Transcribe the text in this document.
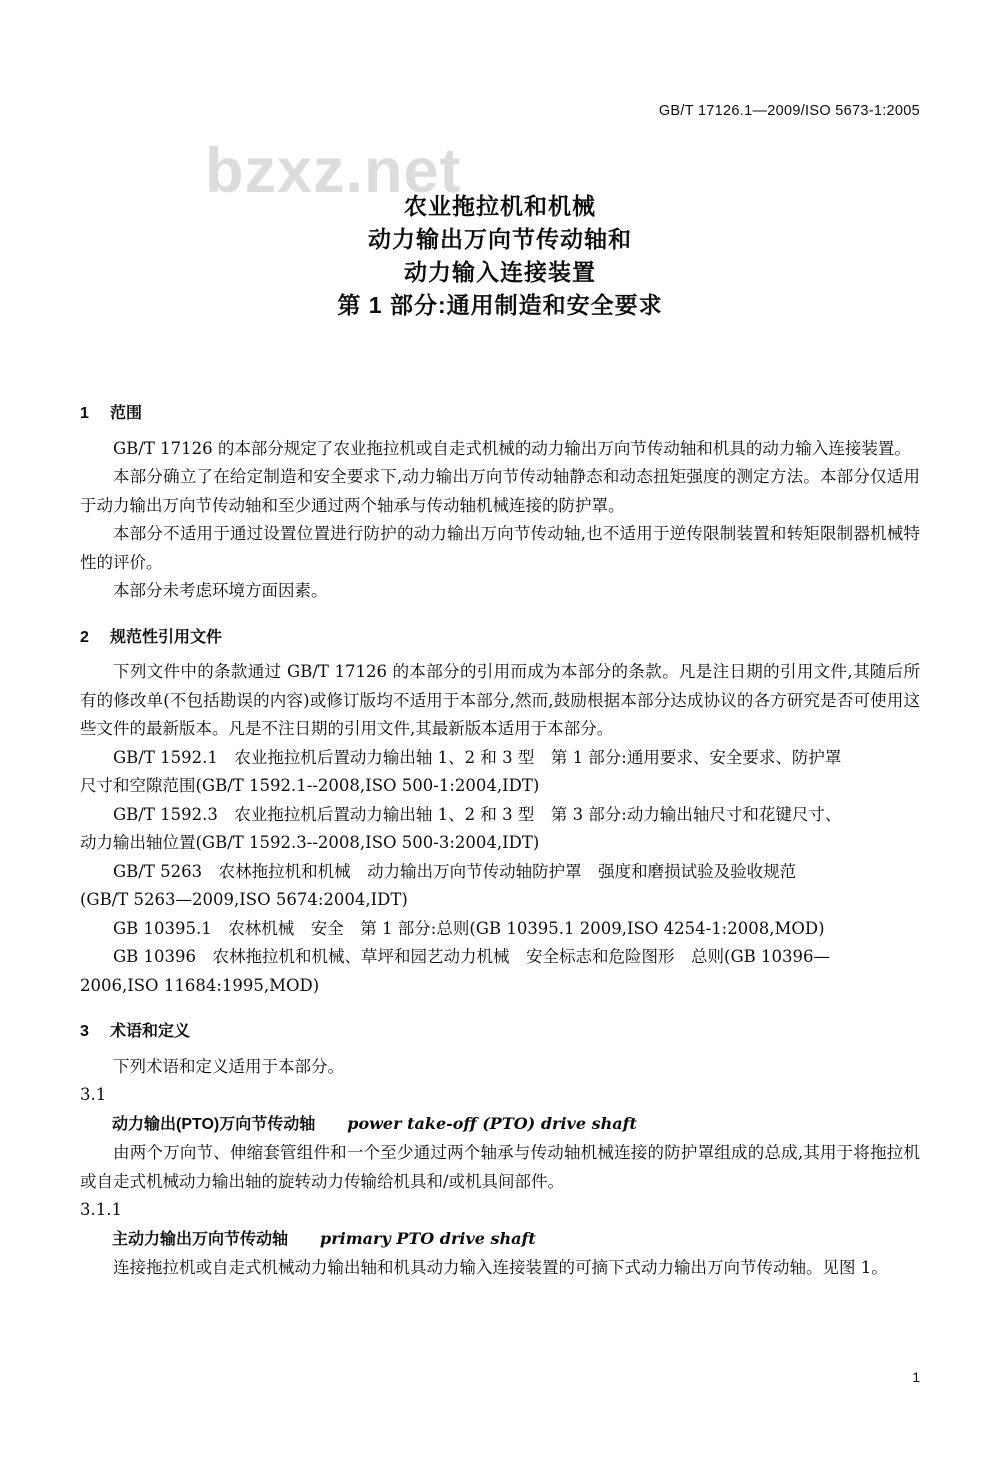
GB/T 17126.1—2009/ISO 5673-1:2005
bzxz.net
农业拖拉机和机械
动力输出万向节传动轴和
动力输入连接装置
第 1 部分:通用制造和安全要求
1 范围

GB/T 17126 的本部分规定了农业拖拉机或自走式机械的动力输出万向节传动轴和机具的动力输入连接装置。

本部分确立了在给定制造和安全要求下,动力输出万向节传动轴静态和动态扭矩强度的测定方法。本部分仅适用于动力输出万向节传动轴和至少通过两个轴承与传动轴机械连接的防护罩。

本部分不适用于通过设置位置进行防护的动力输出万向节传动轴,也不适用于逆传限制装置和转矩限制器机械特性的评价。

本部分未考虑环境方面因素。

2 规范性引用文件

下列文件中的条款通过 GB/T 17126 的本部分的引用而成为本部分的条款。凡是注日期的引用文件,其随后所有的修改单(不包括勘误的内容)或修订版均不适用于本部分,然而,鼓励根据本部分达成协议的各方研究是否可使用这些文件的最新版本。凡是不注日期的引用文件,其最新版本适用于本部分。

GB/T 1592.1　农业拖拉机后置动力输出轴 1、2 和 3 型　第 1 部分:通用要求、安全要求、防护罩

尺寸和空隙范围(GB/T 1592.1--2008,ISO 500-1:2004,IDT)

GB/T 1592.3　农业拖拉机后置动力输出轴 1、2 和 3 型　第 3 部分:动力输出轴尺寸和花键尺寸、

动力输出轴位置(GB/T 1592.3--2008,ISO 500-3:2004,IDT)

GB/T 5263　农林拖拉机和机械　动力输出万向节传动轴防护罩　强度和磨损试验及验收规范

(GB/T 5263—2009,ISO 5674:2004,IDT)

GB 10395.1　农林机械　安全　第 1 部分:总则(GB 10395.1 2009,ISO 4254-1:2008,MOD)

GB 10396　农林拖拉机和机械、草坪和园艺动力机械　安全标志和危险图形　总则(GB 10396—

2006,ISO 11684:1995,MOD)

3 术语和定义

下列术语和定义适用于本部分。

3.1

动力输出(PTO)万向节传动轴　　 power take-off (PTO) drive shaft

由两个万向节、伸缩套管组件和一个至少通过两个轴承与传动轴机械连接的防护罩组成的总成,其用于将拖拉机或自走式机械动力输出轴的旋转动力传输给机具和/或机具间部件。

3.1.1

主动力输出万向节传动轴　　 primary PTO drive shaft

连接拖拉机或自走式机械动力输出轴和机具动力输入连接装置的可摘下式动力输出万向节传动轴。见图 1。

1
